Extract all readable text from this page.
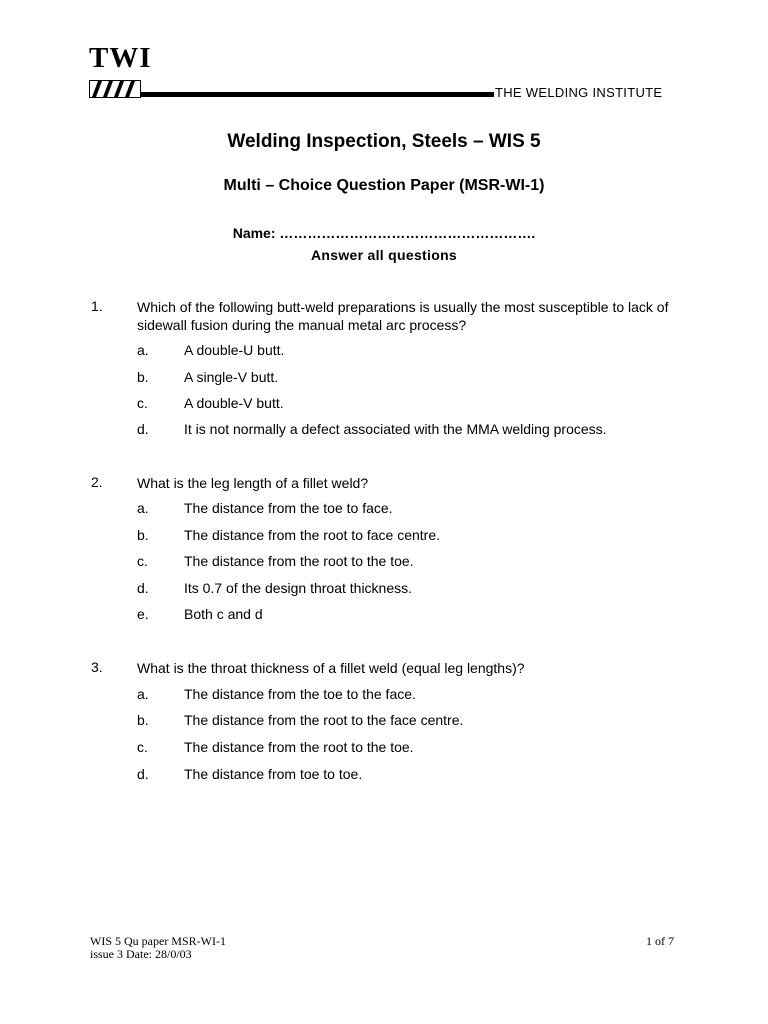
TWI
THE WELDING INSTITUTE
Welding Inspection, Steels – WIS 5
Multi – Choice Question Paper (MSR-WI-1)
Name: ……………………………………………….
Answer all questions
1. Which of the following butt-weld preparations is usually the most susceptible to lack of sidewall fusion during the manual metal arc process?
a.	A double-U butt.
b.	A single-V butt.
c.	A double-V butt.
d.	It is not normally a defect associated with the MMA welding process.
2. What is the leg length of a fillet weld?
a.	The distance from the toe to face.
b.	The distance from the root to face centre.
c.	The distance from the root to the toe.
d.	Its 0.7 of the design throat thickness.
e.	Both c and d
3. What is the throat thickness of a fillet weld (equal leg lengths)?
a.	The distance from the toe to the face.
b.	The distance from the root to the face centre.
c.	The distance from the root to the toe.
d.	The distance from toe to toe.
WIS 5 Qu paper MSR-WI-1
issue 3 Date: 28/0/03
1 of 7
